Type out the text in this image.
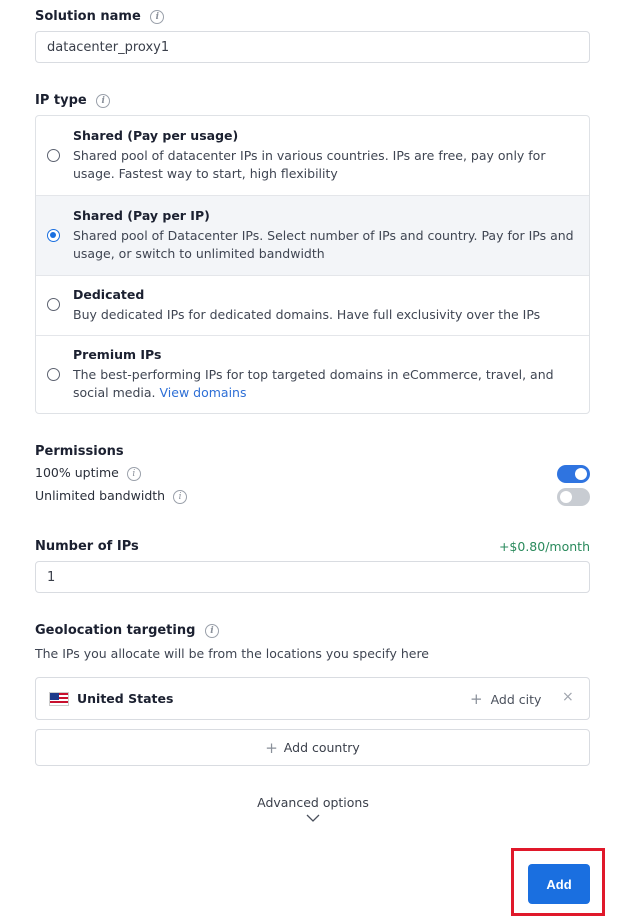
Solution name i
datacenter_proxy1
IP type i
Shared (Pay per usage)
Shared pool of datacenter IPs in various countries. IPs are free, pay only for usage. Fastest way to start, high flexibility
Shared (Pay per IP)
Shared pool of Datacenter IPs. Select number of IPs and country. Pay for IPs and usage, or switch to unlimited bandwidth
Dedicated
Buy dedicated IPs for dedicated domains. Have full exclusivity over the IPs
Premium IPs
The best-performing IPs for top targeted domains in eCommerce, travel, and social media. View domains
Permissions
100% uptime i
Unlimited bandwidth i
Number of IPs	+$0.80/month
1
Geolocation targeting i
The IPs you allocate will be from the locations you specify here
United States	+ Add city ×
+ Add country
Advanced options
Add
